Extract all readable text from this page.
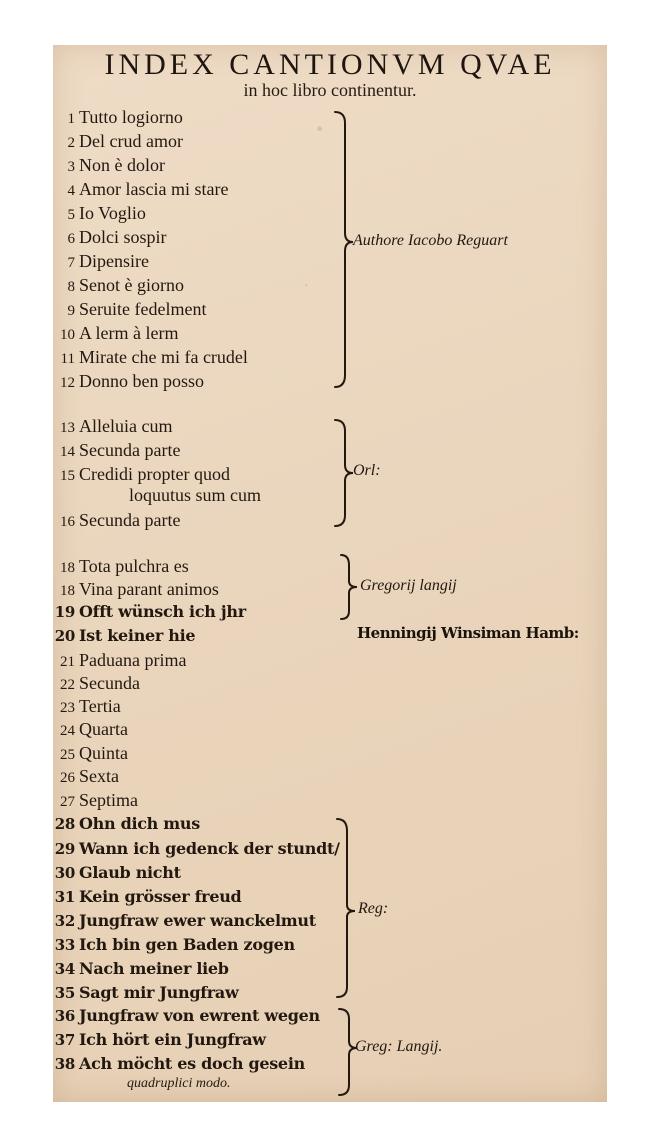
·
·
INDEX CANTIONVM QVAE
in hoc libro continentur.
1 Tutto logiorno
2 Del crud amor
3 Non è dolor
4 Amor lascia mi stare
5 Io Voglio
6 Dolci sospir
7 Dipensire
8 Senot è giorno
9 Seruite fedelment
10 A lerm à lerm
11 Mirate che mi fa crudel
12 Donno ben posso
Authore Iacobo Reguart
13 Alleluia cum
14 Secunda parte
15 Credidi propter quod
loquutus sum cum
16 Secunda parte
Orl:
18 Tota pulchra es
18 Vina parant animos
19 Offt wünsch ich jhr
20 Ist keiner hie
21 Paduana prima
22 Secunda
23 Tertia
24 Quarta
25 Quinta
26 Sexta
27 Septima
Gregorij langij
Henningij Winsiman Hamb:
28 Ohn dich mus
29 Wann ich gedenck der stundt/
30 Glaub nicht
31 Kein grösser freud
32 Jungfraw ewer wanckelmut
33 Ich bin gen Baden zogen
34 Nach meiner lieb
35 Sagt mir Jungfraw
Reg:
36 Jungfraw von ewrent wegen
37 Ich hört ein Jungfraw
38 Ach möcht es doch gesein
quadruplici modo.
Greg: Langij.
